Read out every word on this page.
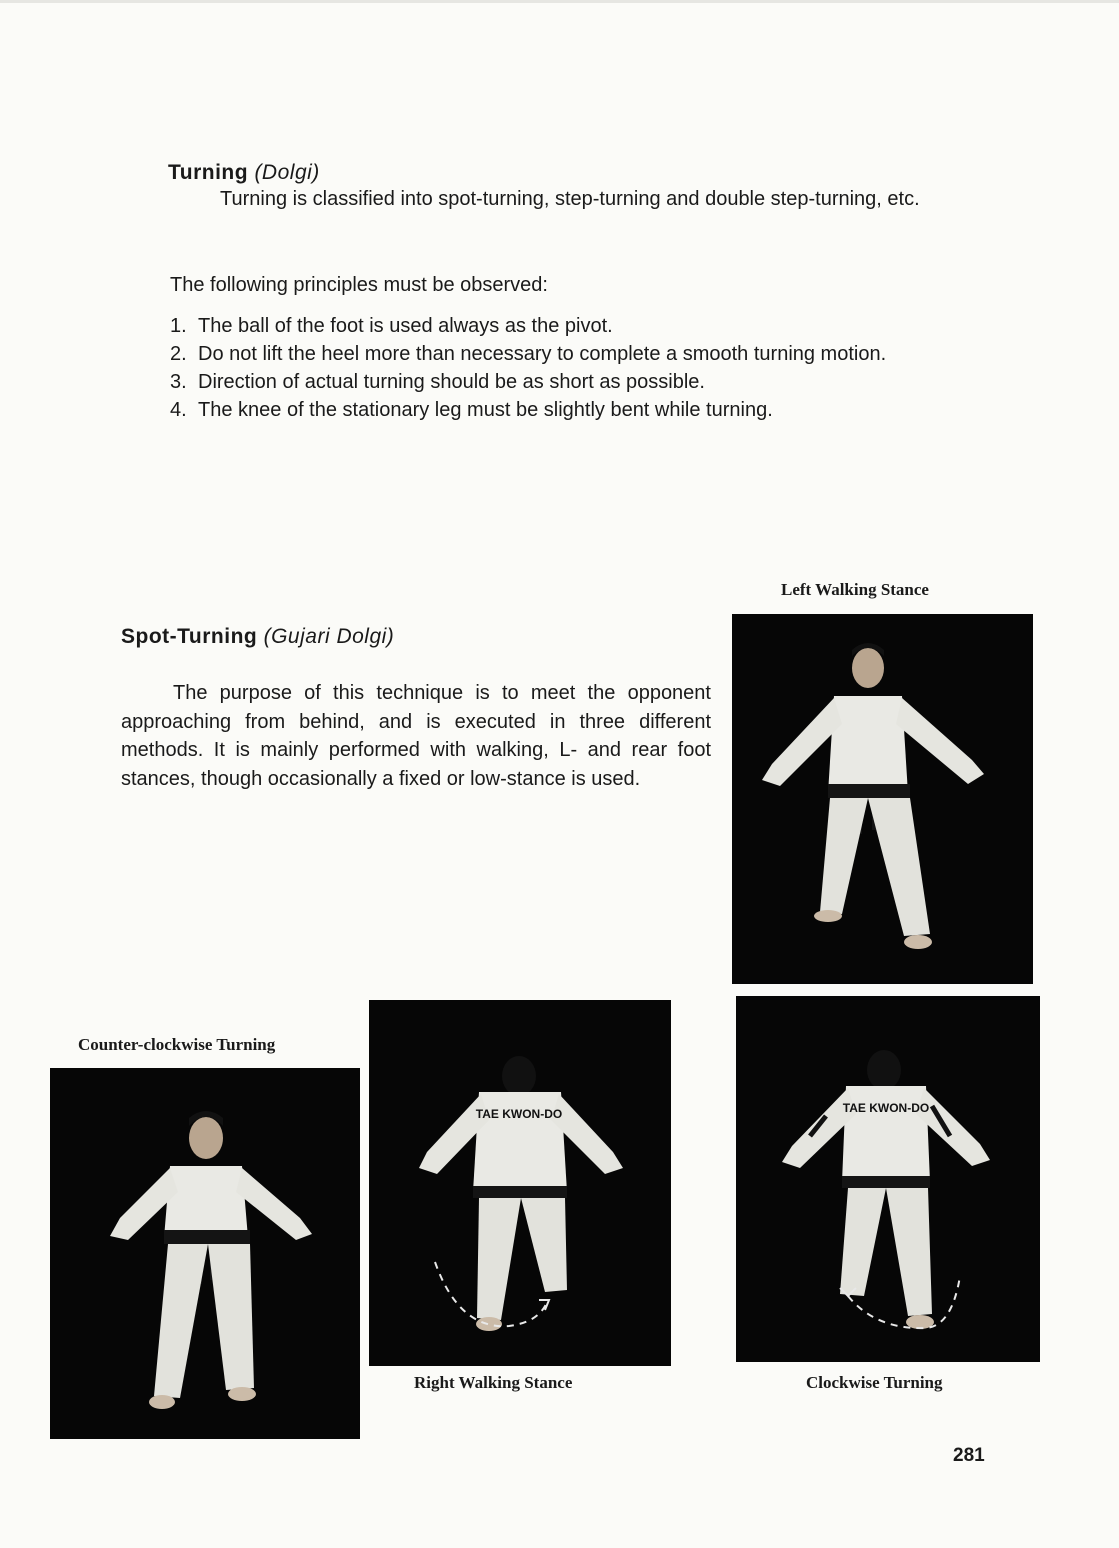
Turning (Dolgi)
Turning is classified into spot-turning, step-turning and double step-turning, etc.
The following principles must be observed:
1. The ball of the foot is used always as the pivot.
2. Do not lift the heel more than necessary to complete a smooth turning motion.
3. Direction of actual turning should be as short as possible.
4. The knee of the stationary leg must be slightly bent while turning.
Spot-Turning (Gujari Dolgi)
The purpose of this technique is to meet the opponent approaching from behind, and is executed in three different methods. It is mainly performed with walking, L- and rear foot stances, though occasionally a fixed or low-stance is used.
Left Walking Stance
Counter-clockwise Turning
TAE KWON-DO
Right Walking Stance
TAE KWON-DO
Clockwise Turning
281
